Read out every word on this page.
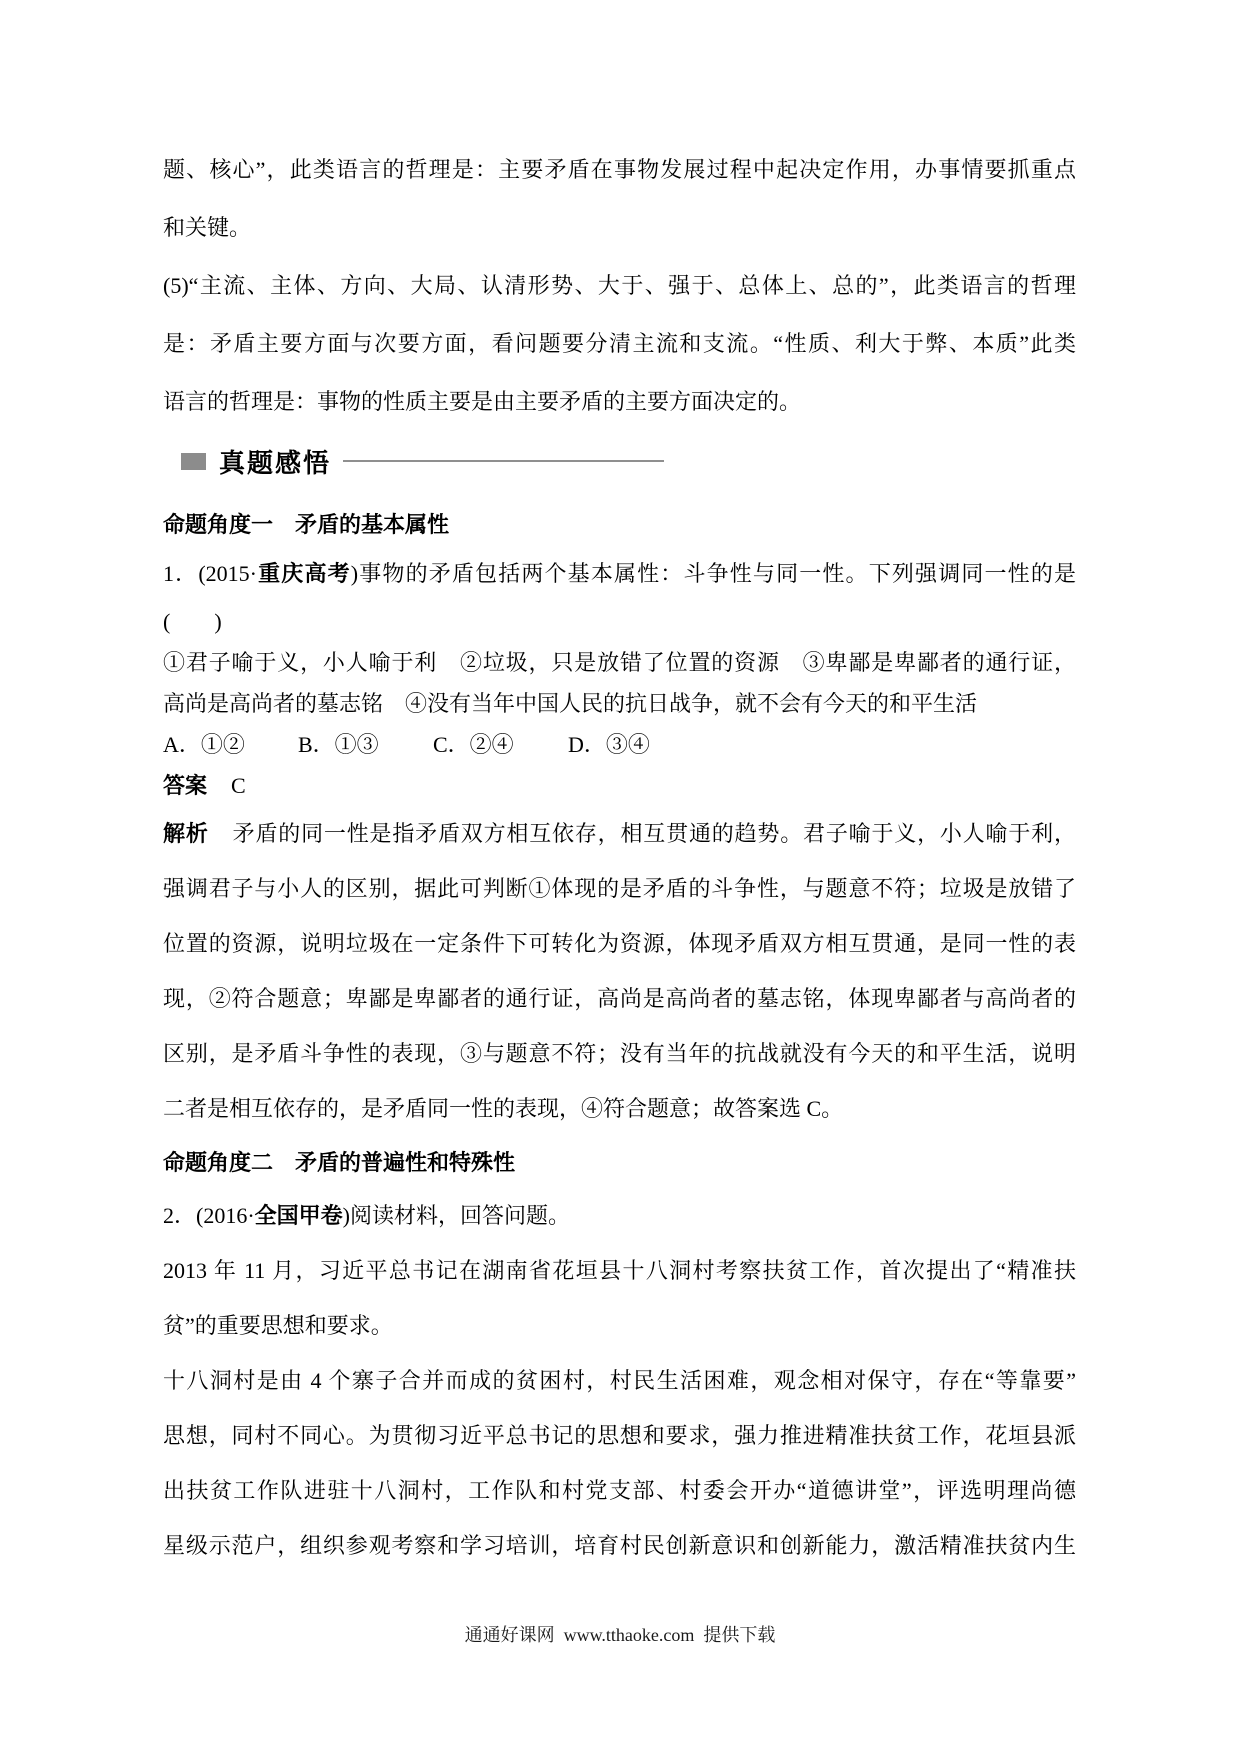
题、核心”，此类语言的哲理是：主要矛盾在事物发展过程中起决定作用，办事情要抓重点
和关键。
(5)“主流、主体、方向、大局、认清形势、大于、强于、总体上、总的”，此类语言的哲理
是：矛盾主要方面与次要方面，看问题要分清主流和支流。“性质、利大于弊、本质”此类
语言的哲理是：事物的性质主要是由主要矛盾的主要方面决定的。
真题感悟
命题角度一　矛盾的基本属性
1．(2015·重庆高考)事物的矛盾包括两个基本属性：斗争性与同一性。下列强调同一性的是
(　　)
①君子喻于义，小人喻于利　②垃圾，只是放错了位置的资源　③卑鄙是卑鄙者的通行证，
高尚是高尚者的墓志铭　④没有当年中国人民的抗日战争，就不会有今天的和平生活
A．①②	B．①③	C．②④	D．③④
答案 C
解析 矛盾的同一性是指矛盾双方相互依存，相互贯通的趋势。君子喻于义，小人喻于利，
强调君子与小人的区别，据此可判断①体现的是矛盾的斗争性，与题意不符；垃圾是放错了
位置的资源，说明垃圾在一定条件下可转化为资源，体现矛盾双方相互贯通，是同一性的表
现，②符合题意；卑鄙是卑鄙者的通行证，高尚是高尚者的墓志铭，体现卑鄙者与高尚者的
区别，是矛盾斗争性的表现，③与题意不符；没有当年的抗战就没有今天的和平生活，说明
二者是相互依存的，是矛盾同一性的表现，④符合题意；故答案选 C。
命题角度二　矛盾的普遍性和特殊性
2．(2016·全国甲卷)阅读材料，回答问题。
2013 年 11 月，习近平总书记在湖南省花垣县十八洞村考察扶贫工作，首次提出了“精准扶
贫”的重要思想和要求。
十八洞村是由 4 个寨子合并而成的贫困村，村民生活困难，观念相对保守，存在“等靠要”
思想，同村不同心。为贯彻习近平总书记的思想和要求，强力推进精准扶贫工作，花垣县派
出扶贫工作队进驻十八洞村，工作队和村党支部、村委会开办“道德讲堂”，评选明理尚德
星级示范户，组织参观考察和学习培训，培育村民创新意识和创新能力，激活精准扶贫内生
通通好课网  www.tthaoke.com  提供下载
